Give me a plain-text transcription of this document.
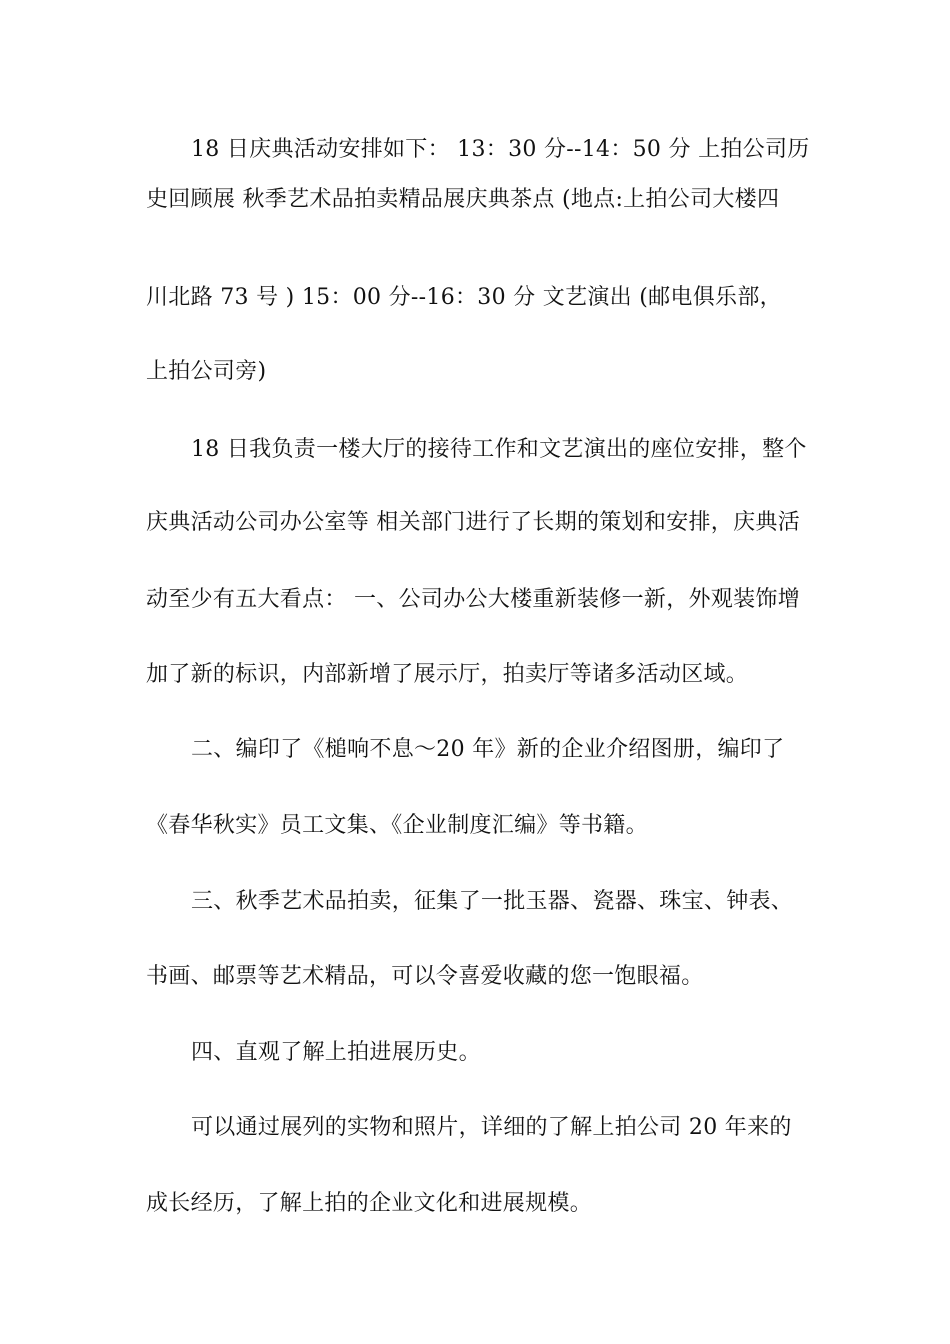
18 日庆典活动安排如下： 13：30 分--14：50 分 上拍公司历
史回顾展 秋季艺术品拍卖精品展庆典茶点 (地点:上拍公司大楼四
川北路 73 号 ) 15：00 分--16：30 分 文艺演出 (邮电俱乐部，
上拍公司旁)
18 日我负责一楼大厅的接待工作和文艺演出的座位安排，整个
庆典活动公司办公室等 相关部门进行了长期的策划和安排，庆典活
动至少有五大看点： 一、公司办公大楼重新装修一新，外观装饰增
加了新的标识，内部新增了展示厅，拍卖厅等诸多活动区域。
二、编印了《槌响不息～20 年》新的企业介绍图册，编印了
《春华秋实》员工文集、《企业制度汇编》等书籍。
三、秋季艺术品拍卖，征集了一批玉器、瓷器、珠宝、钟表、
书画、邮票等艺术精品，可以令喜爱收藏的您一饱眼福。
四、直观了解上拍进展历史。
可以通过展列的实物和照片，详细的了解上拍公司 20 年来的
成长经历，了解上拍的企业文化和进展规模。
